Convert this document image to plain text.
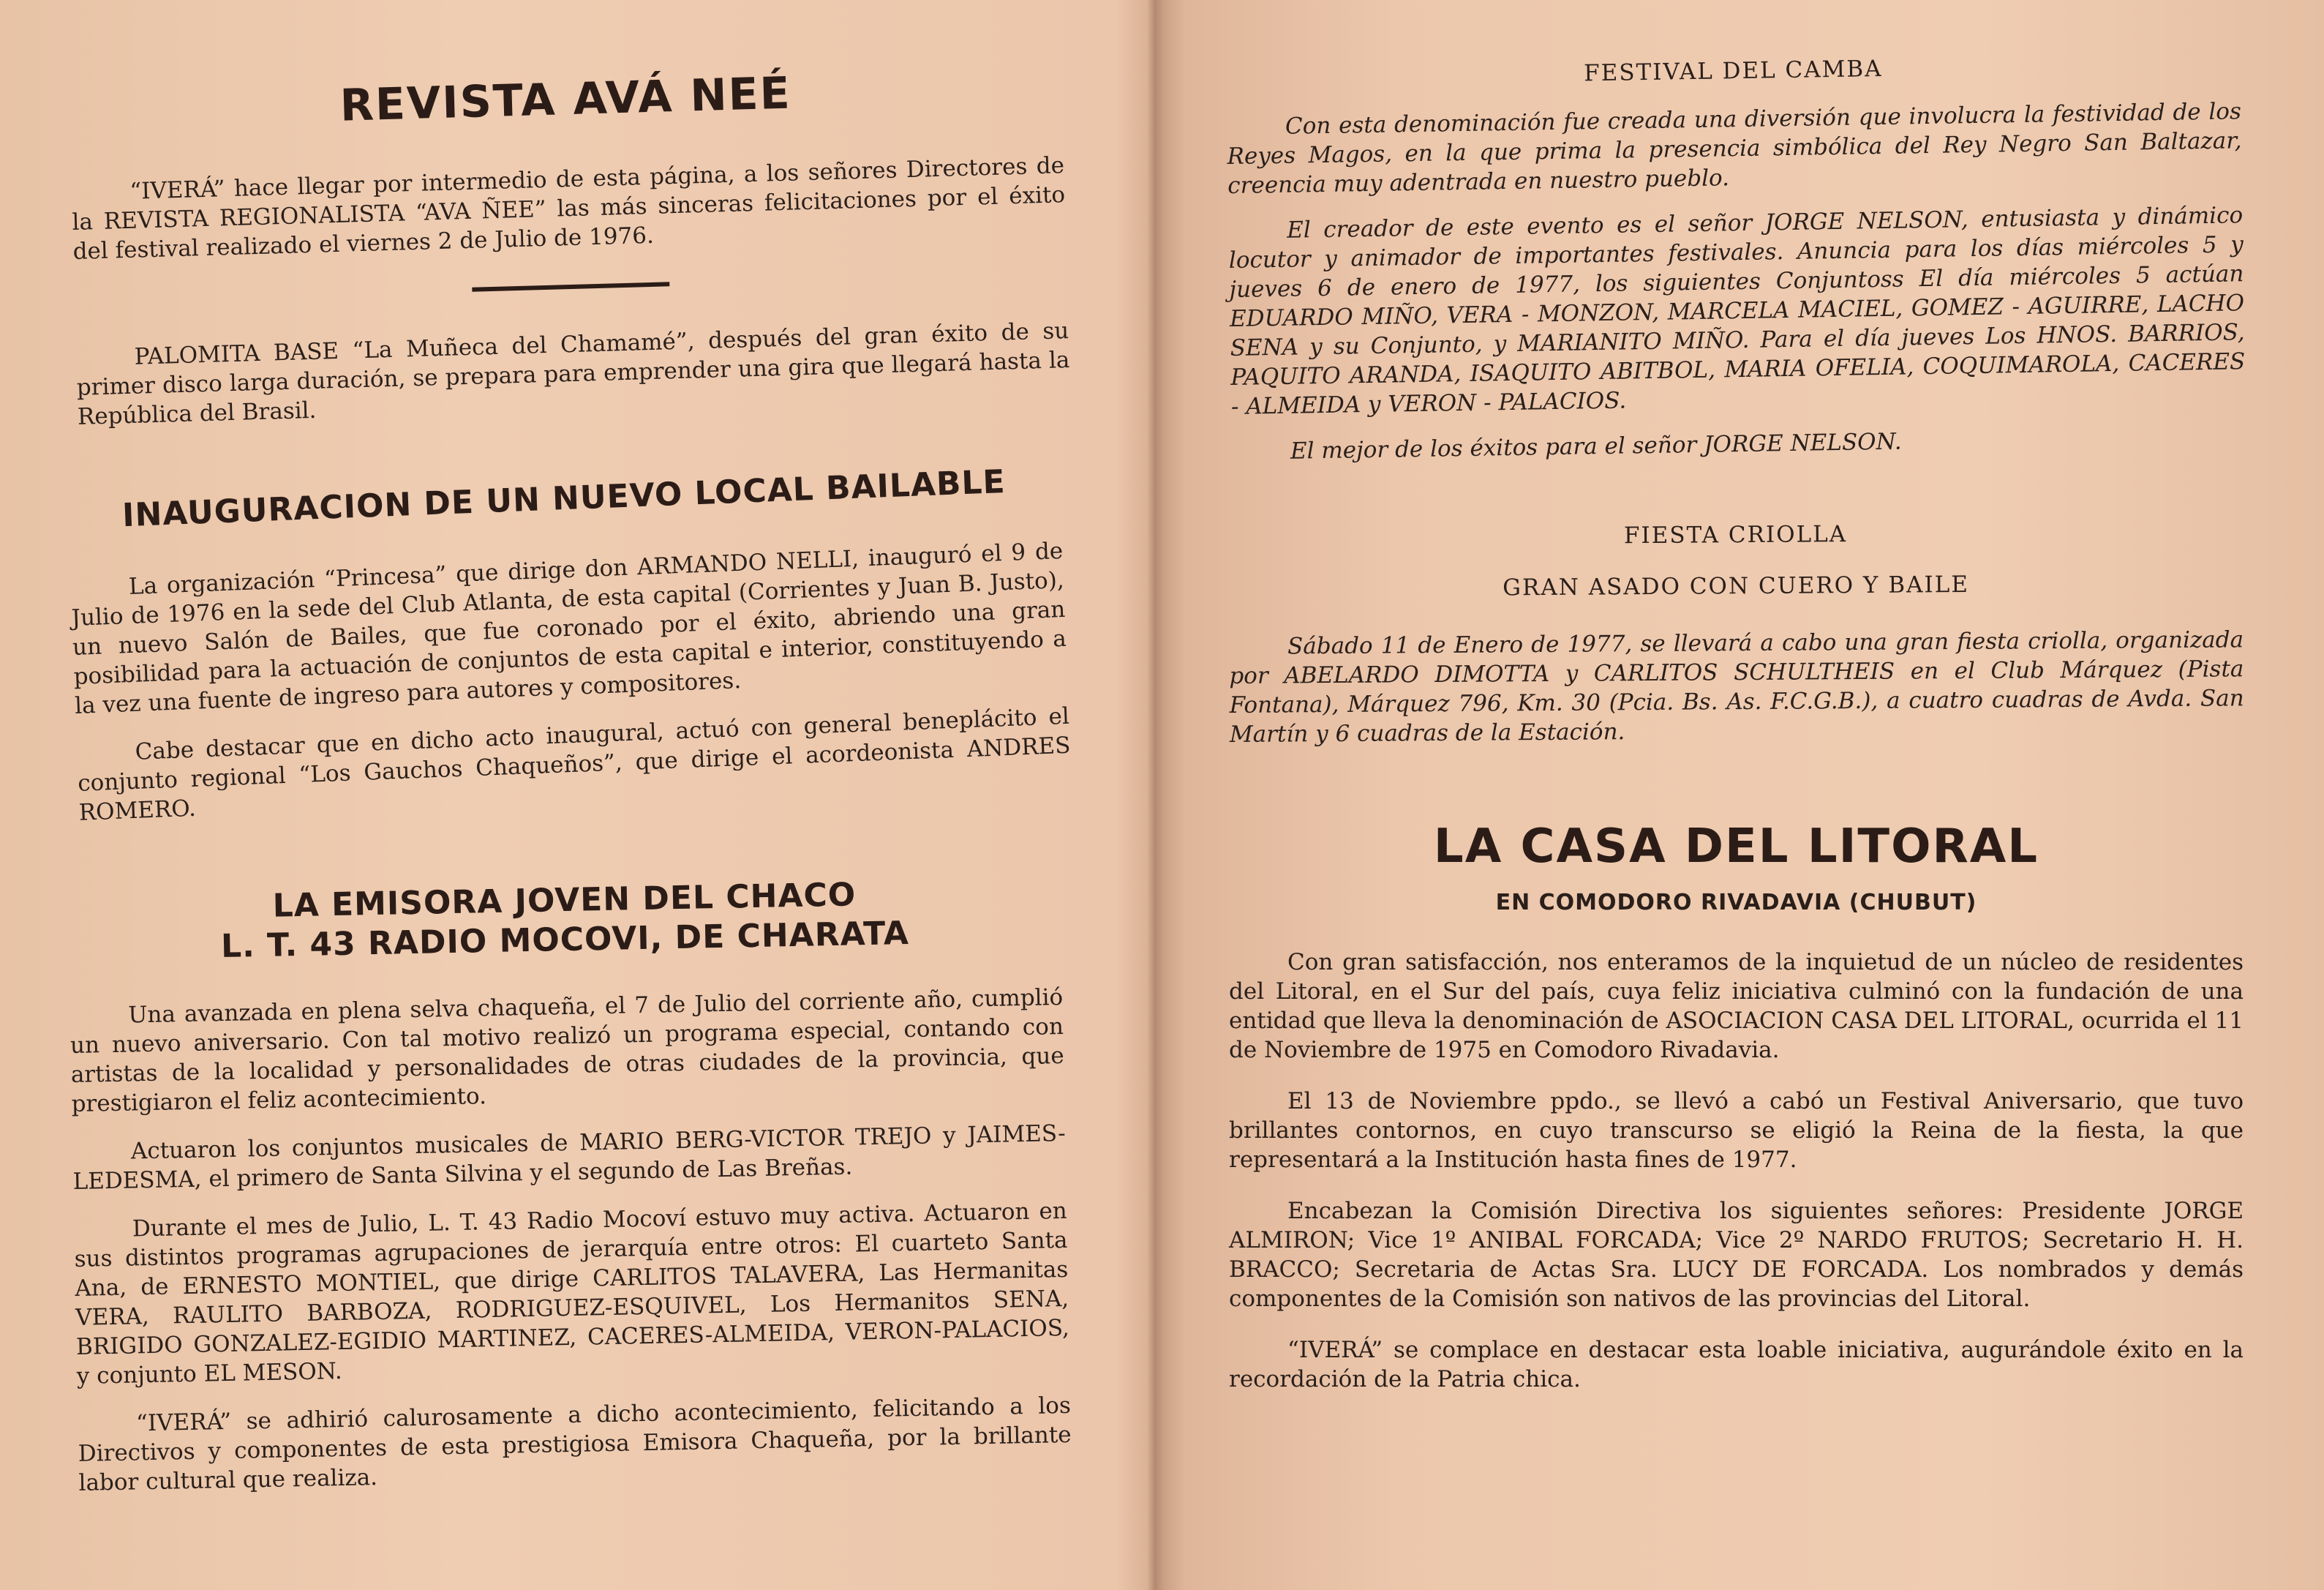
REVISTA AVÁ NEÉ

“IVERÁ” hace llegar por intermedio de esta página, a los señores Directores de la REVISTA REGIONALISTA “AVA ÑEE” las más sinceras felicitaciones por el éxito del festival realizado el viernes 2 de Julio de 1976.

PALOMITA BASE “La Muñeca del Chamamé”, después del gran éxito de su primer disco larga duración, se prepara para emprender una gira que llegará hasta la República del Brasil.

INAUGURACION DE UN NUEVO LOCAL BAILABLE

La organización “Princesa” que dirige don ARMANDO NELLI, inauguró el 9 de Julio de 1976 en la sede del Club Atlanta, de esta capital (Corrientes y Juan B. Justo), un nuevo Salón de Bailes, que fue coronado por el éxito, abriendo una gran posibilidad para la actuación de conjuntos de esta capital e interior, constituyendo a la vez una fuente de ingreso para autores y compositores.

Cabe destacar que en dicho acto inaugural, actuó con general beneplácito el conjunto regional “Los Gauchos Chaqueños”, que dirige el acordeonista ANDRES ROMERO.

LA EMISORA JOVEN DEL CHACO
L. T. 43 RADIO MOCOVI, DE CHARATA

Una avanzada en plena selva chaqueña, el 7 de Julio del corriente año, cumplió un nuevo aniversario. Con tal motivo realizó un programa especial, contando con artistas de la localidad y personalidades de otras ciudades de la provincia, que prestigiaron el feliz acontecimiento.

Actuaron los conjuntos musicales de MARIO BERG-VICTOR TREJO y JAIMES-LEDESMA, el primero de Santa Silvina y el segundo de Las Breñas.

Durante el mes de Julio, L. T. 43 Radio Mocoví estuvo muy activa. Actuaron en sus distintos programas agrupaciones de jerarquía entre otros: El cuarteto Santa Ana, de ERNESTO MONTIEL, que dirige CARLITOS TALAVERA, Las Hermanitas VERA, RAULITO BARBOZA, RODRIGUEZ-ESQUIVEL, Los Hermanitos SENA, BRIGIDO GONZALEZ-EGIDIO MARTINEZ, CACERES-ALMEIDA, VERON-PALACIOS, y conjunto EL MESON.

“IVERÁ” se adhirió calurosamente a dicho acontecimiento, felicitando a los Directivos y componentes de esta prestigiosa Emisora Chaqueña, por la brillante labor cultural que realiza.

FESTIVAL DEL CAMBA

Con esta denominación fue creada una diversión que involucra la festividad de los Reyes Magos, en la que prima la presencia simbólica del Rey Negro San Baltazar, creencia muy adentrada en nuestro pueblo.

El creador de este evento es el señor JORGE NELSON, entusiasta y dinámico locutor y animador de importantes festivales. Anuncia para los días miércoles 5 y jueves 6 de enero de 1977, los siguientes Conjuntoss El día miércoles 5 actúan EDUARDO MIÑO, VERA - MONZON, MARCELA MACIEL, GOMEZ - AGUIRRE, LACHO SENA y su Conjunto, y MARIANITO MIÑO. Para el día jueves Los HNOS. BARRIOS, PAQUITO ARANDA, ISAQUITO ABITBOL, MARIA OFELIA, COQUIMAROLA, CACERES - ALMEIDA y VERON - PALACIOS.

El mejor de los éxitos para el señor JORGE NELSON.

FIESTA CRIOLLA
GRAN ASADO CON CUERO Y BAILE

Sábado 11 de Enero de 1977, se llevará a cabo una gran fiesta criolla, organizada por ABELARDO DIMOTTA y CARLITOS SCHULTHEIS en el Club Márquez (Pista Fontana), Márquez 796, Km. 30 (Pcia. Bs. As. F.C.G.B.), a cuatro cuadras de Avda. San Martín y 6 cuadras de la Estación.

LA CASA DEL LITORAL
EN COMODORO RIVADAVIA (CHUBUT)

Con gran satisfacción, nos enteramos de la inquietud de un núcleo de residentes del Litoral, en el Sur del país, cuya feliz iniciativa culminó con la fundación de una entidad que lleva la denominación de ASOCIACION CASA DEL LITORAL, ocurrida el 11 de Noviembre de 1975 en Comodoro Rivadavia.

El 13 de Noviembre ppdo., se llevó a cabó un Festival Aniversario, que tuvo brillantes contornos, en cuyo transcurso se eligió la Reina de la fiesta, la que representará a la Institución hasta fines de 1977.

Encabezan la Comisión Directiva los siguientes señores: Presidente JORGE ALMIRON; Vice 1º ANIBAL FORCADA; Vice 2º NARDO FRUTOS; Secretario H. H. BRACCO; Secretaria de Actas Sra. LUCY DE FORCADA. Los nombrados y demás componentes de la Comisión son nativos de las provincias del Litoral.

“IVERÁ” se complace en destacar esta loable iniciativa, augurándole éxito en la recordación de la Patria chica.
